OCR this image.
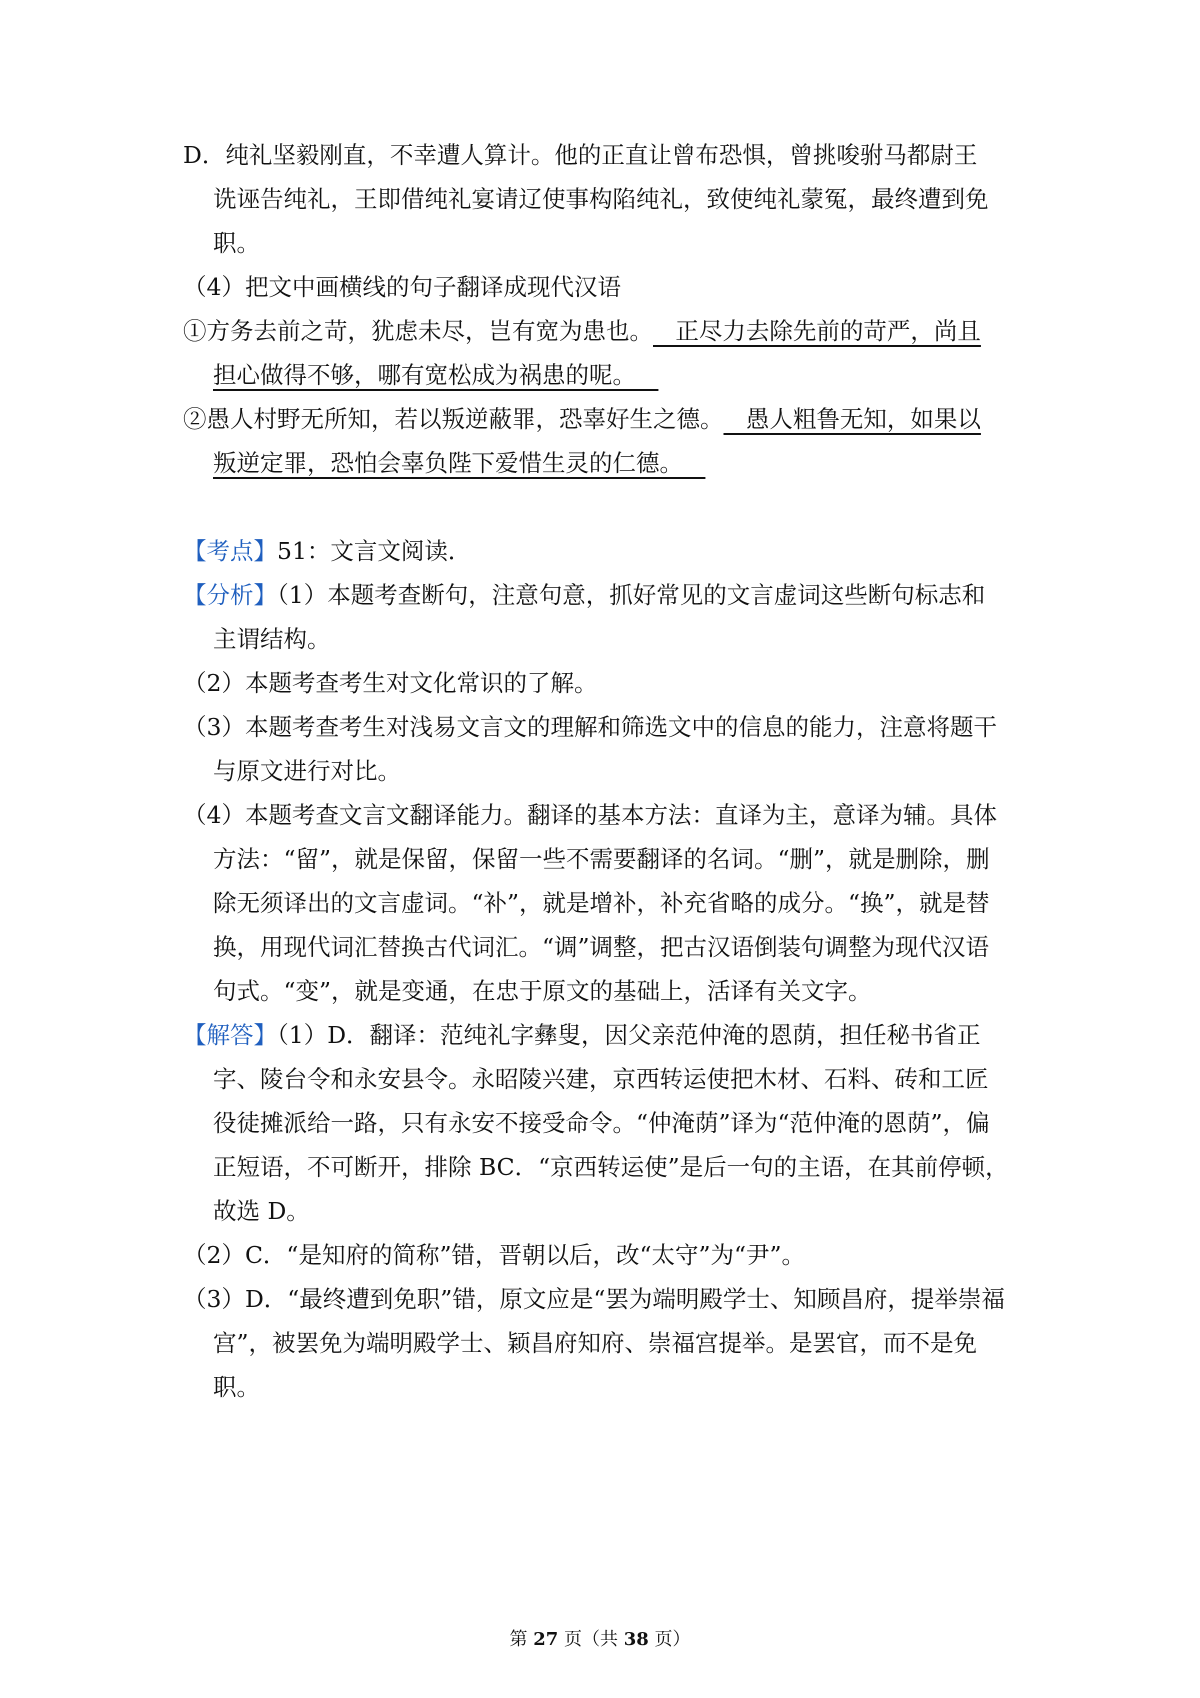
D．纯礼坚毅刚直，不幸遭人算计。他的正直让曾布恐惧，曾挑唆驸马都尉王
诜诬告纯礼，王即借纯礼宴请辽使事构陷纯礼，致使纯礼蒙冤，最终遭到免
职。
（4）把文中画横线的句子翻译成现代汉语
①方务去前之苛，犹虑未尽，岂有宽为患也。   正尽力去除先前的苛严，尚且
担心做得不够，哪有宽松成为祸患的呢。
②愚人村野无所知，若以叛逆蔽罪，恐辜好生之德。   愚人粗鲁无知，如果以
叛逆定罪，恐怕会辜负陛下爱惜生灵的仁德。
【考点】51：文言文阅读．
【分析】（1）本题考查断句，注意句意，抓好常见的文言虚词这些断句标志和
主谓结构。
（2）本题考查考生对文化常识的了解。
（3）本题考查考生对浅易文言文的理解和筛选文中的信息的能力，注意将题干
与原文进行对比。
（4）本题考查文言文翻译能力。翻译的基本方法：直译为主，意译为辅。具体
方法：“留”，就是保留，保留一些不需要翻译的名词。“删”，就是删除，删
除无须译出的文言虚词。“补”，就是增补，补充省略的成分。“换”，就是替
换，用现代词汇替换古代词汇。“调”调整，把古汉语倒装句调整为现代汉语
句式。“变”，就是变通，在忠于原文的基础上，活译有关文字。
【解答】（1）D．翻译：范纯礼字彝叟，因父亲范仲淹的恩荫，担任秘书省正
字、陵台令和永安县令。永昭陵兴建，京西转运使把木材、石料、砖和工匠
役徒摊派给一路，只有永安不接受命令。“仲淹荫”译为“范仲淹的恩荫”，偏
正短语，不可断开，排除 BC．“京西转运使”是后一句的主语，在其前停顿，
故选 D。
（2）C．“是知府的简称”错，晋朝以后，改“太守”为“尹”。
（3）D．“最终遭到免职”错，原文应是“罢为端明殿学士、知顾昌府，提举崇福
宫”，被罢免为端明殿学士、颖昌府知府、崇福宫提举。是罢官，而不是免
职。
第 27 页（共 38 页）
